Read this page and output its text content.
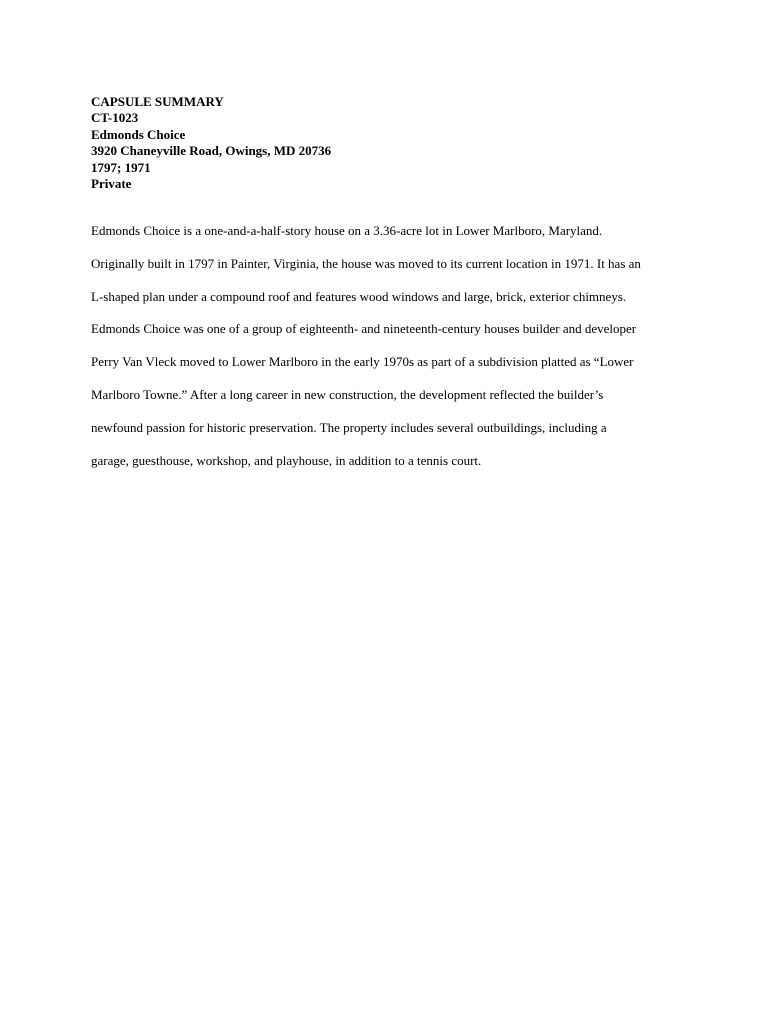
CAPSULE SUMMARY
CT-1023
Edmonds Choice
3920 Chaneyville Road, Owings, MD 20736
1797; 1971
Private
Edmonds Choice is a one-and-a-half-story house on a 3.36-acre lot in Lower Marlboro, Maryland.
Originally built in 1797 in Painter, Virginia, the house was moved to its current location in 1971. It has an
L-shaped plan under a compound roof and features wood windows and large, brick, exterior chimneys.
Edmonds Choice was one of a group of eighteenth- and nineteenth-century houses builder and developer
Perry Van Vleck moved to Lower Marlboro in the early 1970s as part of a subdivision platted as “Lower
Marlboro Towne.” After a long career in new construction, the development reflected the builder’s
newfound passion for historic preservation. The property includes several outbuildings, including a
garage, guesthouse, workshop, and playhouse, in addition to a tennis court.
